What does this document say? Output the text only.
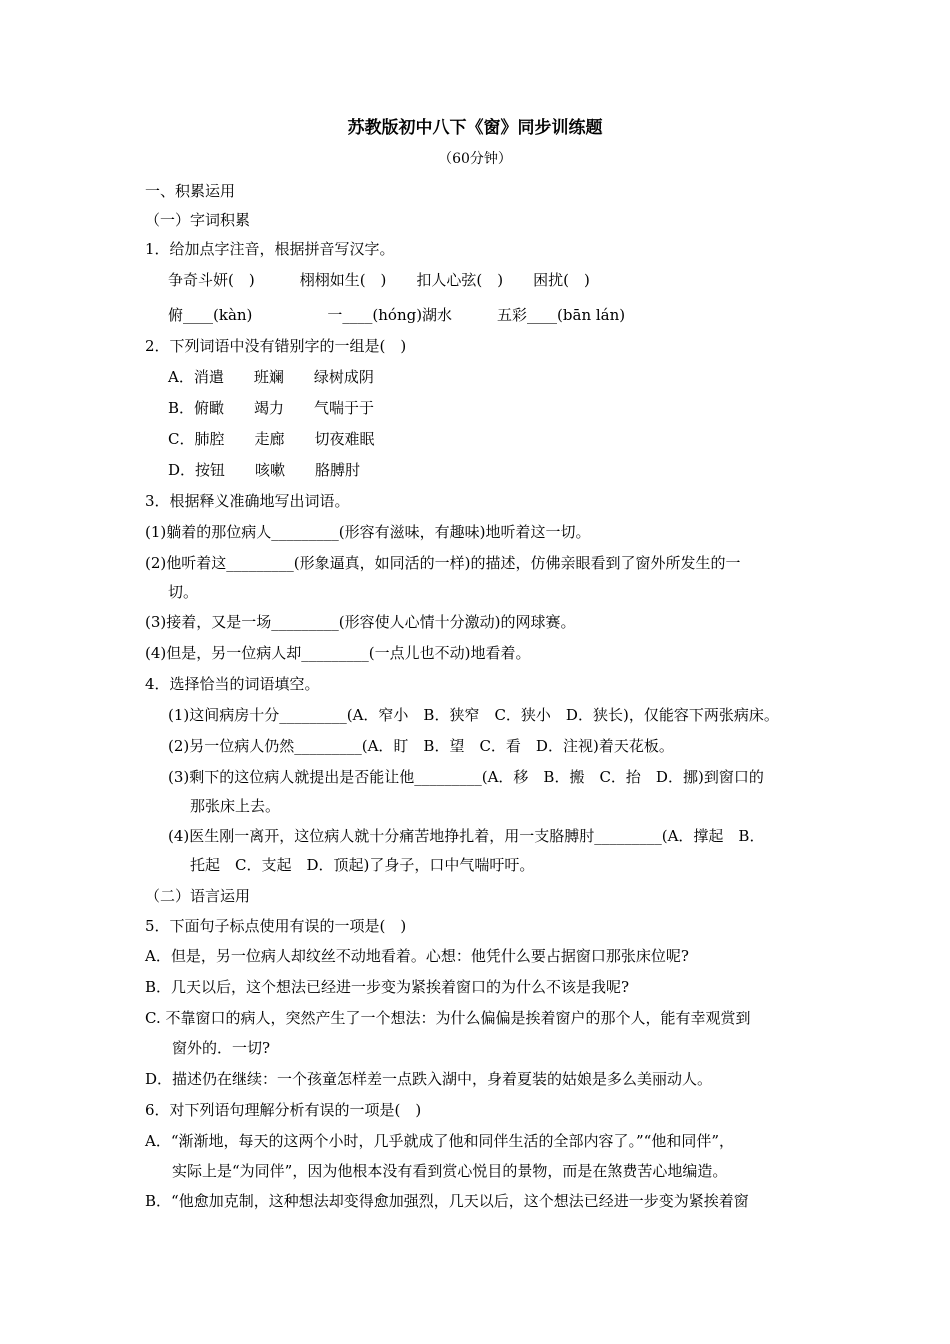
苏教版初中八下《窗》同步训练题
（60分钟）
一、积累运用
（一）字词积累
1．给加点字注音，根据拼音写汉字。
争奇斗妍(　)　　　栩栩如生(　)　　扣人心弦(　)　　困扰(　)
俯____(kàn)　　　　　一____(hóng)湖水　　　五彩____(bān lán)
2．下列词语中没有错别字的一组是(　)
A．消遣　　班斓　　绿树成阴
B．俯瞰　　竭力　　气喘于于
C．肺腔　　走廊　　切夜难眠
D．按钮　　咳嗽　　胳膊肘
3．根据释义准确地写出词语。
(1)躺着的那位病人_________(形容有滋味，有趣味)地听着这一切。
(2)他听着这_________(形象逼真，如同活的一样)的描述，仿佛亲眼看到了窗外所发生的一
切。
(3)接着，又是一场_________(形容使人心情十分激动)的网球赛。
(4)但是，另一位病人却_________(一点儿也不动)地看着。
4．选择恰当的词语填空。
(1)这间病房十分_________(A．窄小　B．狭窄　C．狭小　D．狭长)，仅能容下两张病床。
(2)另一位病人仍然_________(A．盯　B．望　C．看　D．注视)着天花板。
(3)剩下的这位病人就提出是否能让他_________(A．移　B．搬　C．抬　D．挪)到窗口的
那张床上去。
(4)医生刚一离开，这位病人就十分痛苦地挣扎着，用一支胳膊肘_________(A．撑起　B．
托起　C．支起　D．顶起)了身子，口中气喘吁吁。
（二）语言运用
5．下面句子标点使用有误的一项是(　)
A．但是，另一位病人却纹丝不动地看着。心想：他凭什么要占据窗口那张床位呢?
B．几天以后，这个想法已经进一步变为紧挨着窗口的为什么不该是我呢?
C. 不靠窗口的病人，突然产生了一个想法：为什么偏偏是挨着窗户的那个人，能有幸观赏到
窗外的．一切?
D．描述仍在继续：一个孩童怎样差一点跌入湖中，身着夏装的姑娘是多么美丽动人。
6．对下列语句理解分析有误的一项是(　)
A．“渐渐地，每天的这两个小时，几乎就成了他和同伴生活的全部内容了。”“他和同伴”，
实际上是“为同伴”，因为他根本没有看到赏心悦目的景物，而是在煞费苦心地编造。
B．“他愈加克制，这种想法却变得愈加强烈，几天以后，这个想法已经进一步变为紧挨着窗
